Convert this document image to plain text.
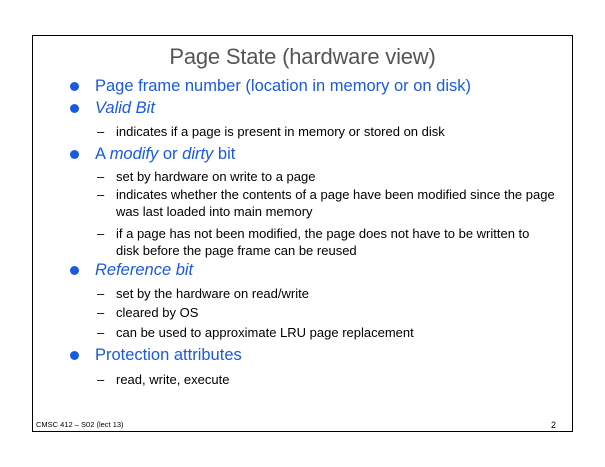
Page State (hardware view)
Page frame number (location in memory or on disk)
Valid Bit
– indicates if a page is present in memory or stored on disk
A modify or dirty bit
– set by hardware on write to a page
– indicates whether the contents of a page have been modified since the page was last loaded into main memory
– if a page has not been modified, the page does not have to be written to disk before the page frame can be reused
Reference bit
– set by the hardware on read/write
– cleared by OS
– can be used to approximate LRU page replacement
Protection attributes
– read, write, execute
2
CMSC 412 – S02 (lect 13)
